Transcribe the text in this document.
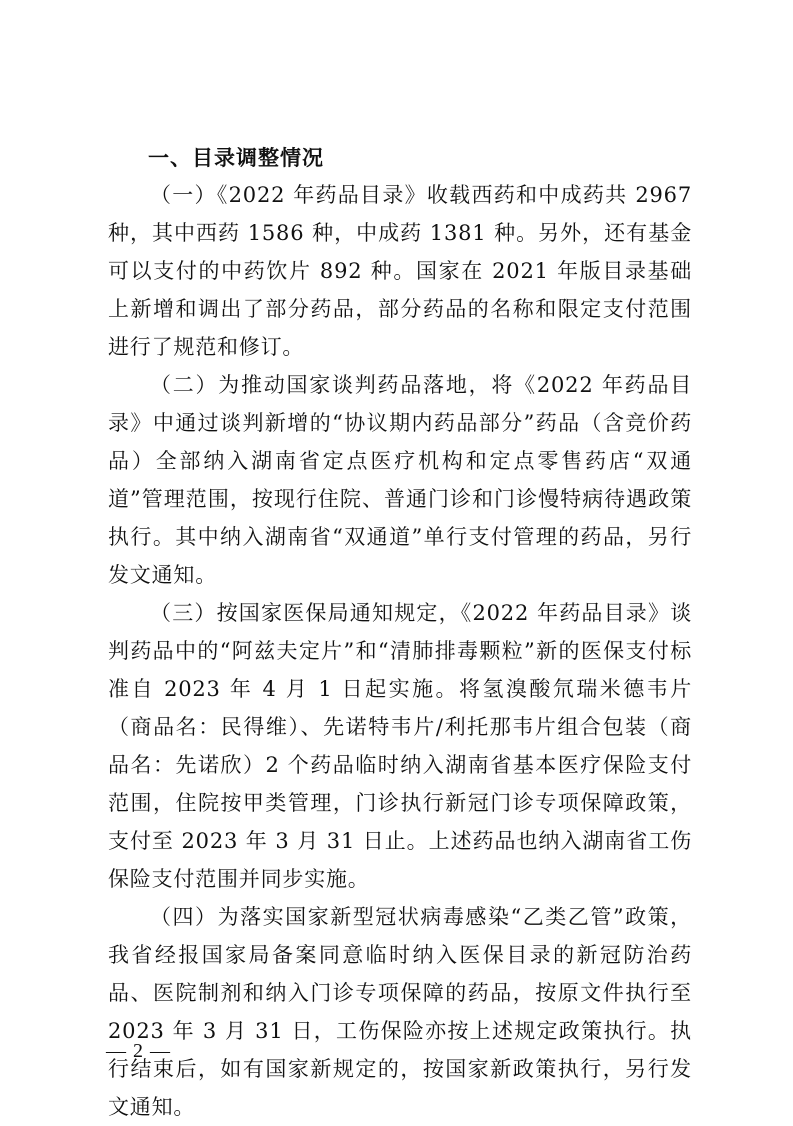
一、目录调整情况

（一）《2022 年药品目录》收载西药和中成药共 2967 种，其中西药 1586 种，中成药 1381 种。另外，还有基金可以支付的中药饮片 892 种。国家在 2021 年版目录基础上新增和调出了部分药品，部分药品的名称和限定支付范围进行了规范和修订。

（二）为推动国家谈判药品落地，将《2022 年药品目录》中通过谈判新增的“协议期内药品部分”药品（含竞价药品）全部纳入湖南省定点医疗机构和定点零售药店“双通道”管理范围，按现行住院、普通门诊和门诊慢特病待遇政策执行。其中纳入湖南省“双通道”单行支付管理的药品，另行发文通知。

（三）按国家医保局通知规定，《2022 年药品目录》谈判药品中的“阿兹夫定片”和“清肺排毒颗粒”新的医保支付标准自 2023 年 4 月 1 日起实施。将氢溴酸氘瑞米德韦片（商品名：民得维）、先诺特韦片/利托那韦片组合包装（商品名：先诺欣）2 个药品临时纳入湖南省基本医疗保险支付范围，住院按甲类管理，门诊执行新冠门诊专项保障政策，支付至 2023 年 3 月 31 日止。上述药品也纳入湖南省工伤保险支付范围并同步实施。

（四）为落实国家新型冠状病毒感染“乙类乙管”政策，我省经报国家局备案同意临时纳入医保目录的新冠防治药品、医院制剂和纳入门诊专项保障的药品，按原文件执行至 2023 年 3 月 31 日，工伤保险亦按上述规定政策执行。执行结束后，如有国家新规定的，按国家新政策执行，另行发文通知。

— 2 —
